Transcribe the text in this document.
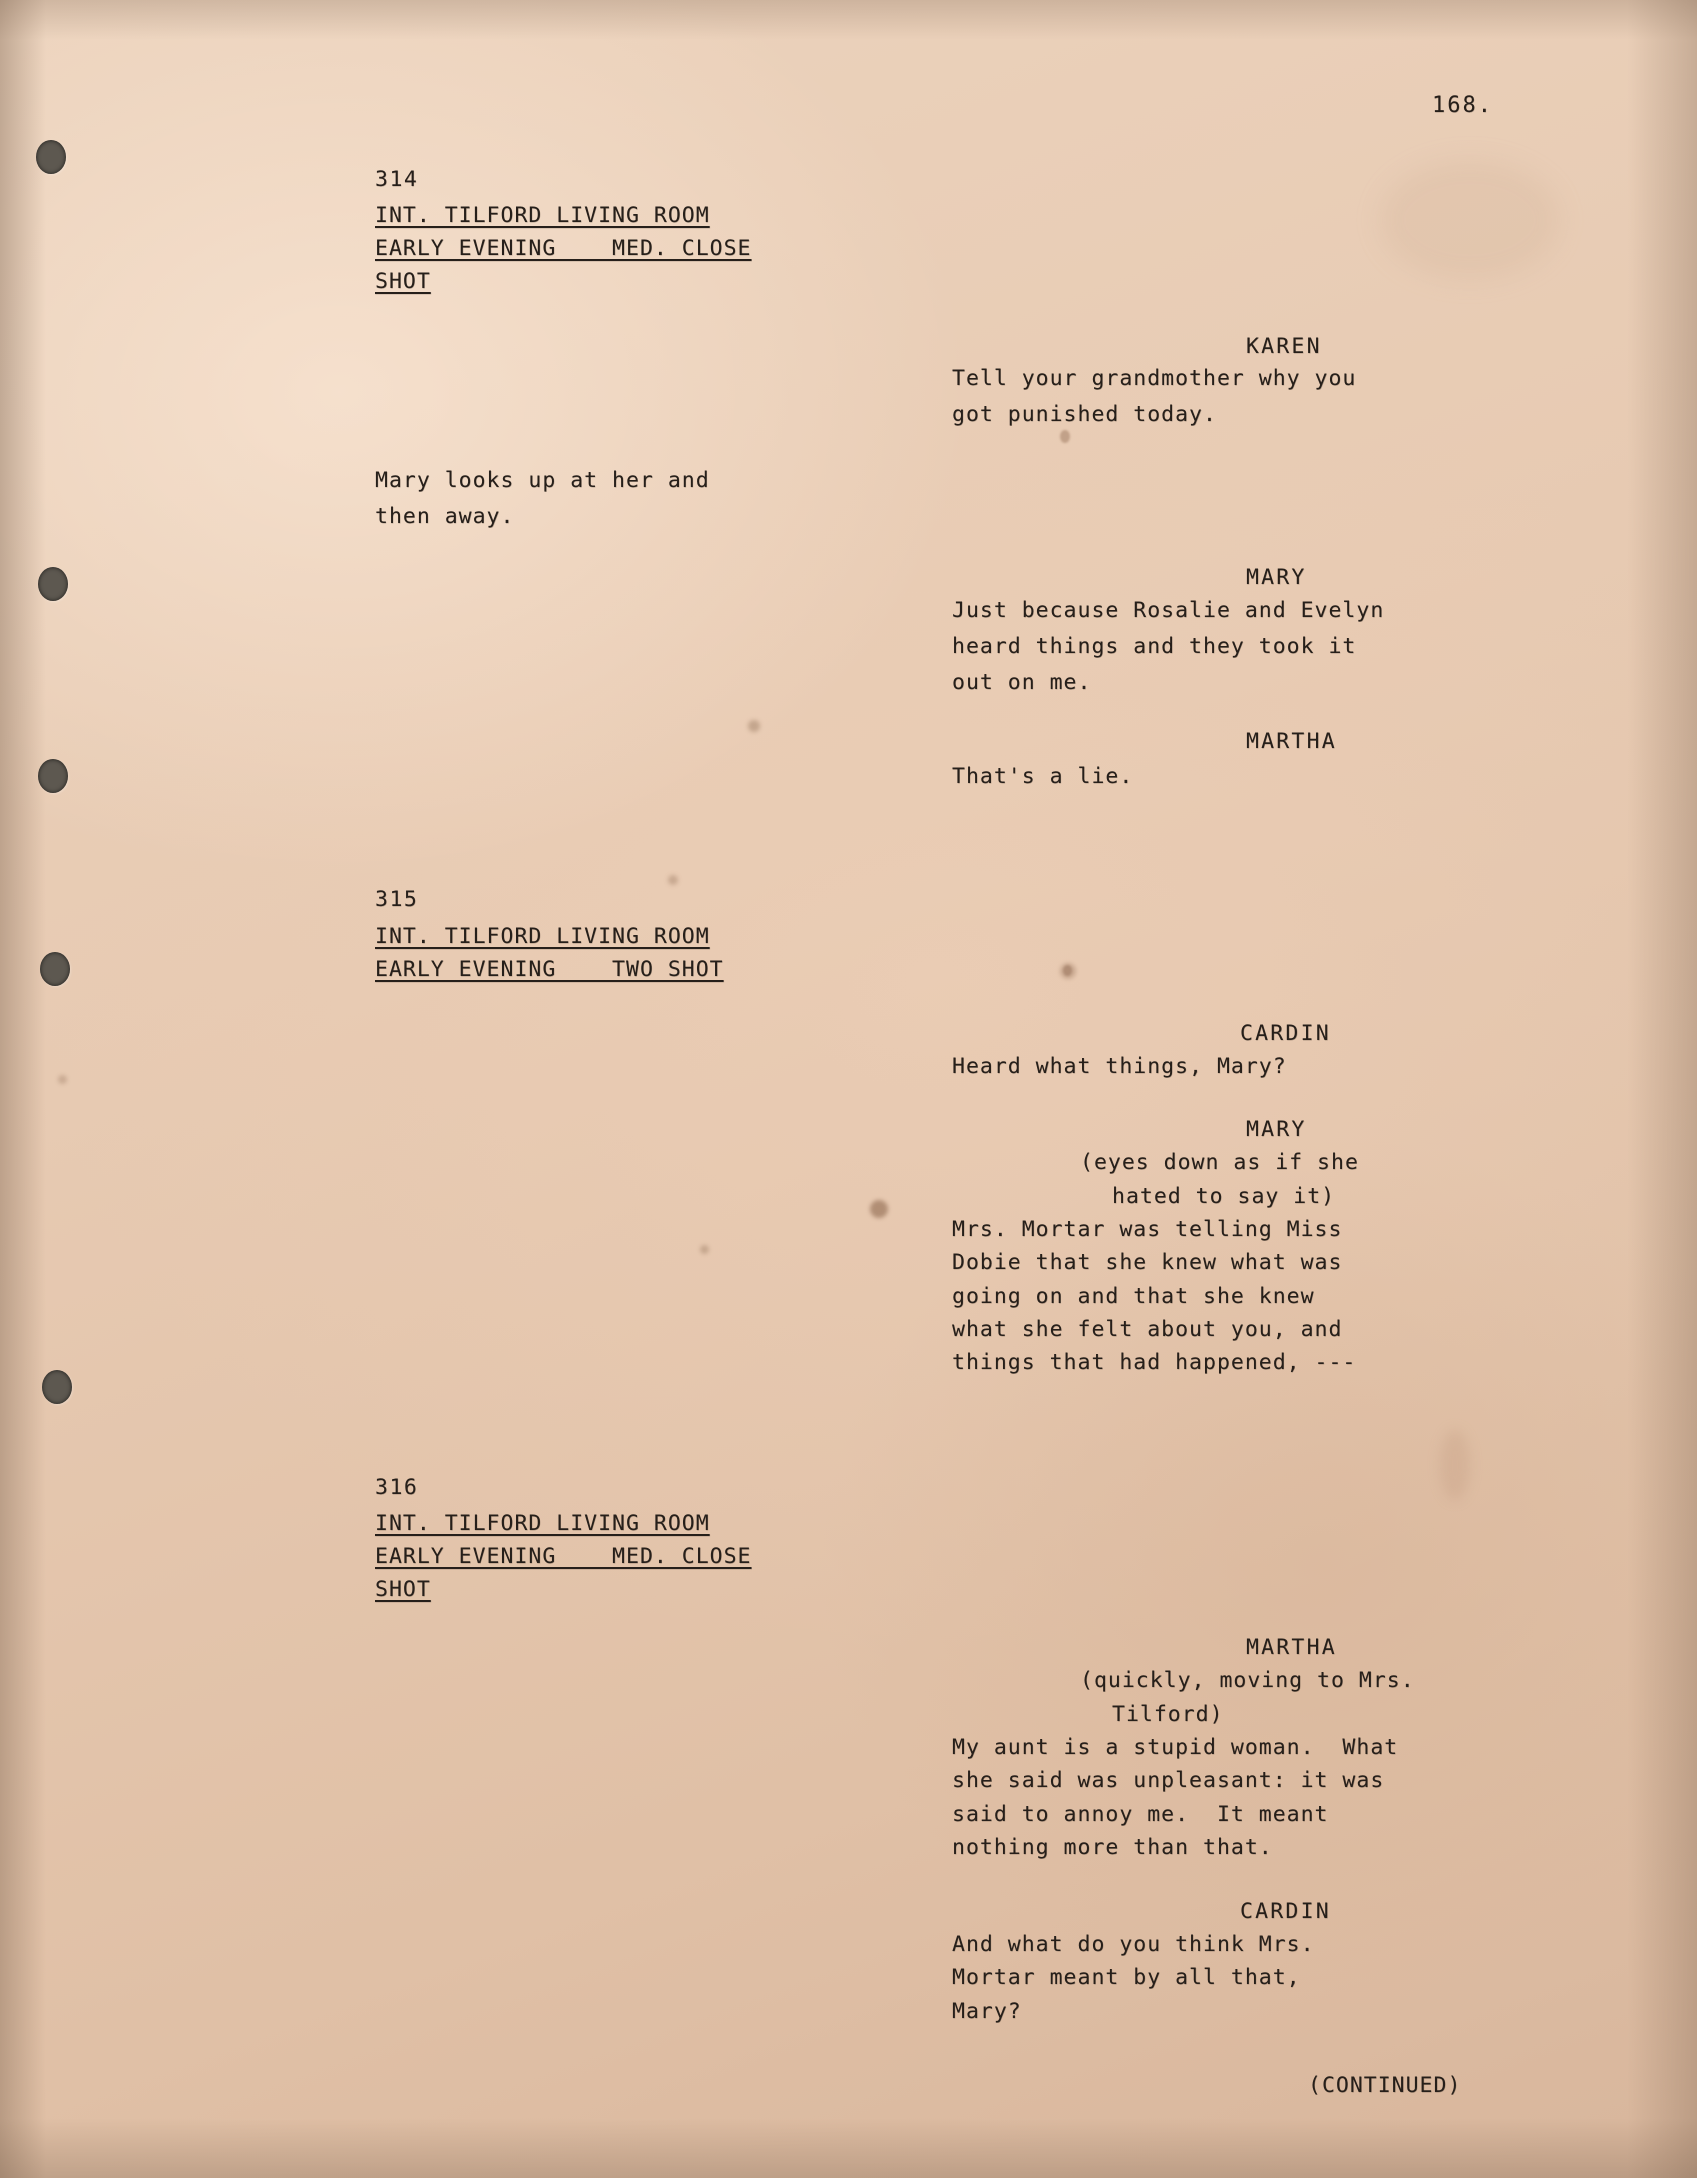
168.
314
INT. TILFORD LIVING ROOM
EARLY EVENING    MED. CLOSE
SHOT
KAREN
Tell your grandmother why you
got punished today.
Mary looks up at her and
then away.
MARY
Just because Rosalie and Evelyn
heard things and they took it
out on me.
MARTHA
That's a lie.
315
INT. TILFORD LIVING ROOM
EARLY EVENING    TWO SHOT
CARDIN
Heard what things, Mary?
MARY
(eyes down as if she
hated to say it)
Mrs. Mortar was telling Miss
Dobie that she knew what was
going on and that she knew
what she felt about you, and
things that had happened, ---
316
INT. TILFORD LIVING ROOM
EARLY EVENING    MED. CLOSE
SHOT
MARTHA
(quickly, moving to Mrs.
Tilford)
My aunt is a stupid woman.  What
she said was unpleasant: it was
said to annoy me.  It meant
nothing more than that.
CARDIN
And what do you think Mrs.
Mortar meant by all that,
Mary?
(CONTINUED)
